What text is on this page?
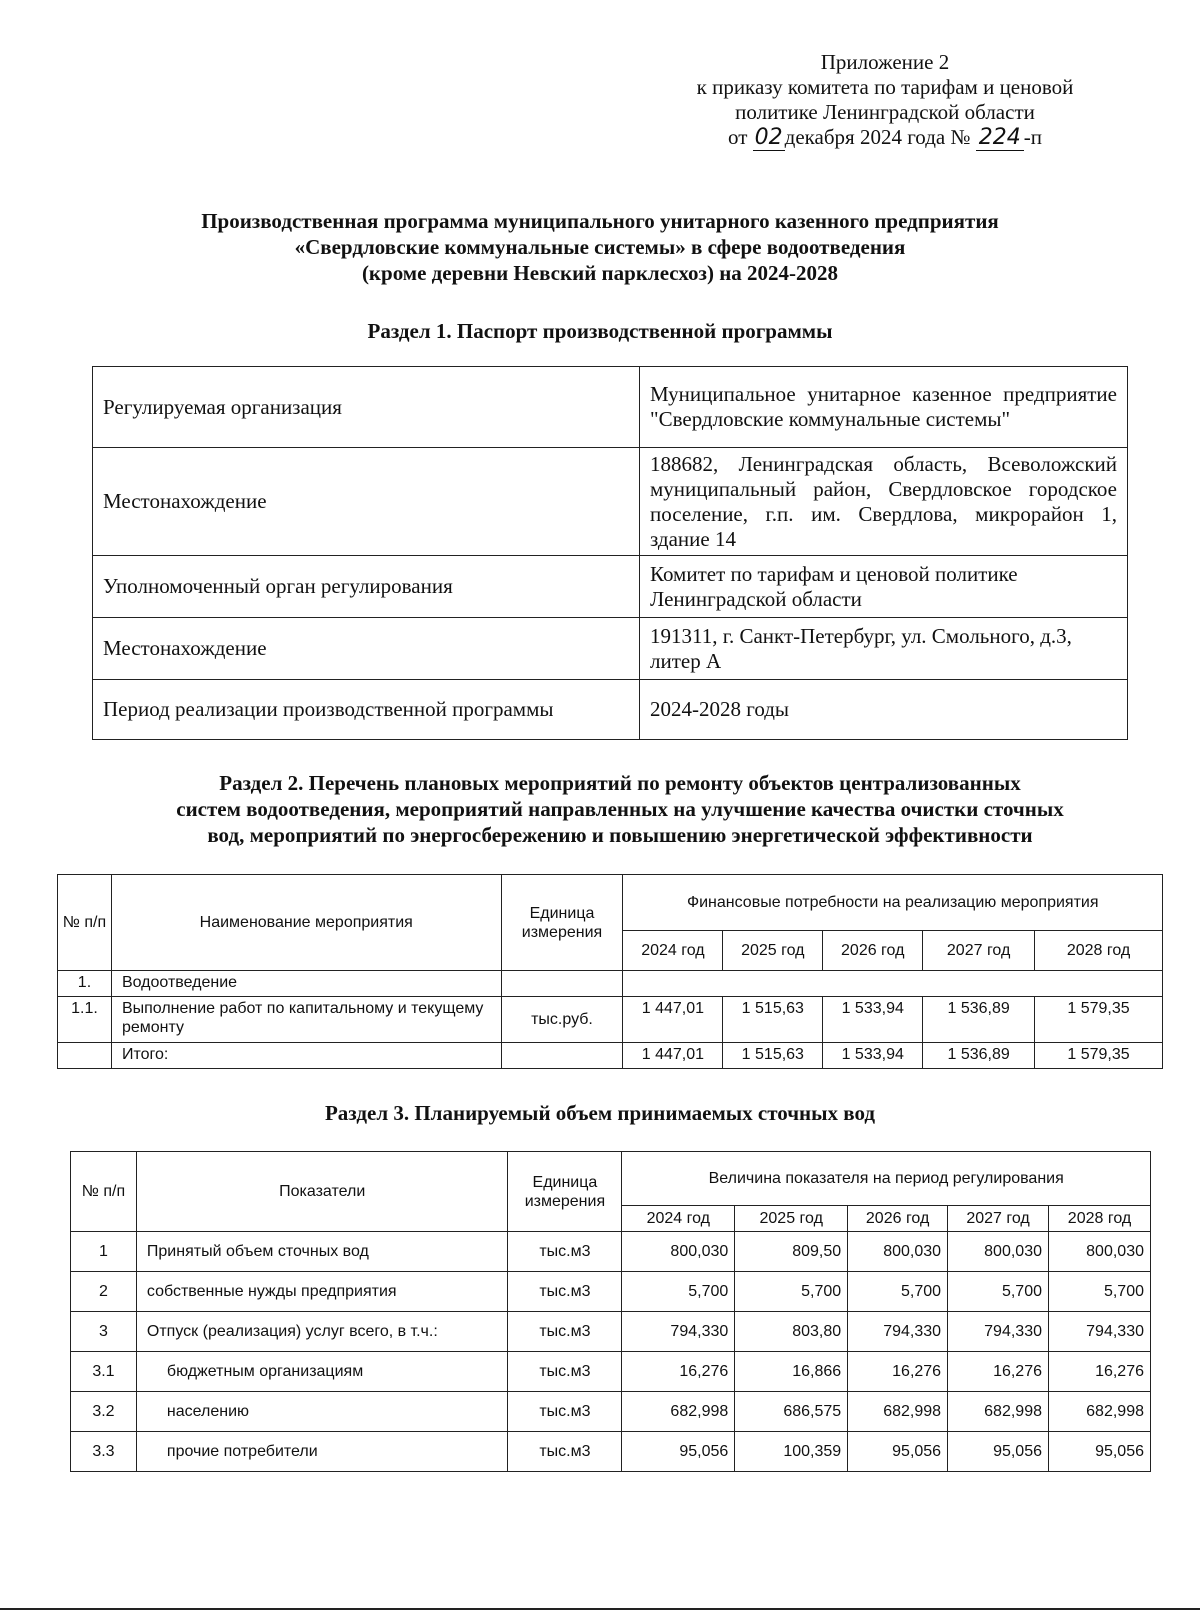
Приложение 2
к приказу комитета по тарифам и ценовой
политике Ленинградской области
от 02декабря 2024 года № 224 -п
Производственная программа муниципального унитарного казенного предприятия
«Свердловские коммунальные системы» в сфере водоотведения
(кроме деревни Невский парклесхоз) на 2024-2028
Раздел 1. Паспорт производственной программы
Регулируемая организация	Муниципальное унитарное казенное предприятие "Свердловские коммунальные системы"
Местонахождение	188682, Ленинградская область, Всеволожский муниципальный район, Свердловское городское поселение, г.п. им. Свердлова, микрорайон 1, здание 14
Уполномоченный орган регулирования	Комитет по тарифам и ценовой политике Ленинградской области
Местонахождение	191311, г. Санкт-Петербург, ул. Смольного, д.3, литер А
Период реализации производственной программы	2024-2028 годы
Раздел 2. Перечень плановых мероприятий по ремонту объектов централизованных
систем водоотведения, мероприятий направленных на улучшение качества очистки сточных
вод, мероприятий по энергосбережению и повышению энергетической эффективности
№ п/п	Наименование мероприятия	Единица измерения	Финансовые потребности на реализацию мероприятия				
			2024 год	2025 год	2026 год	2027 год	2028 год
1.	Водоотведение						
1.1.	Выполнение работ по капитальному и текущему ремонту	тыс.руб.	1 447,01	1 515,63	1 533,94	1 536,89	1 579,35
	Итого:		1 447,01	1 515,63	1 533,94	1 536,89	1 579,35
Раздел 3. Планируемый объем принимаемых сточных вод
№ п/п	Показатели	Единица измерения	Величина показателя на период регулирования				
			2024 год	2025 год	2026 год	2027 год	2028 год
1	Принятый объем сточных вод	тыс.м3	800,030	809,50	800,030	800,030	800,030
2	собственные нужды предприятия	тыс.м3	5,700	5,700	5,700	5,700	5,700
3	Отпуск (реализация) услуг всего, в т.ч.:	тыс.м3	794,330	803,80	794,330	794,330	794,330
3.1	бюджетным организациям	тыс.м3	16,276	16,866	16,276	16,276	16,276
3.2	населению	тыс.м3	682,998	686,575	682,998	682,998	682,998
3.3	прочие потребители	тыс.м3	95,056	100,359	95,056	95,056	95,056
